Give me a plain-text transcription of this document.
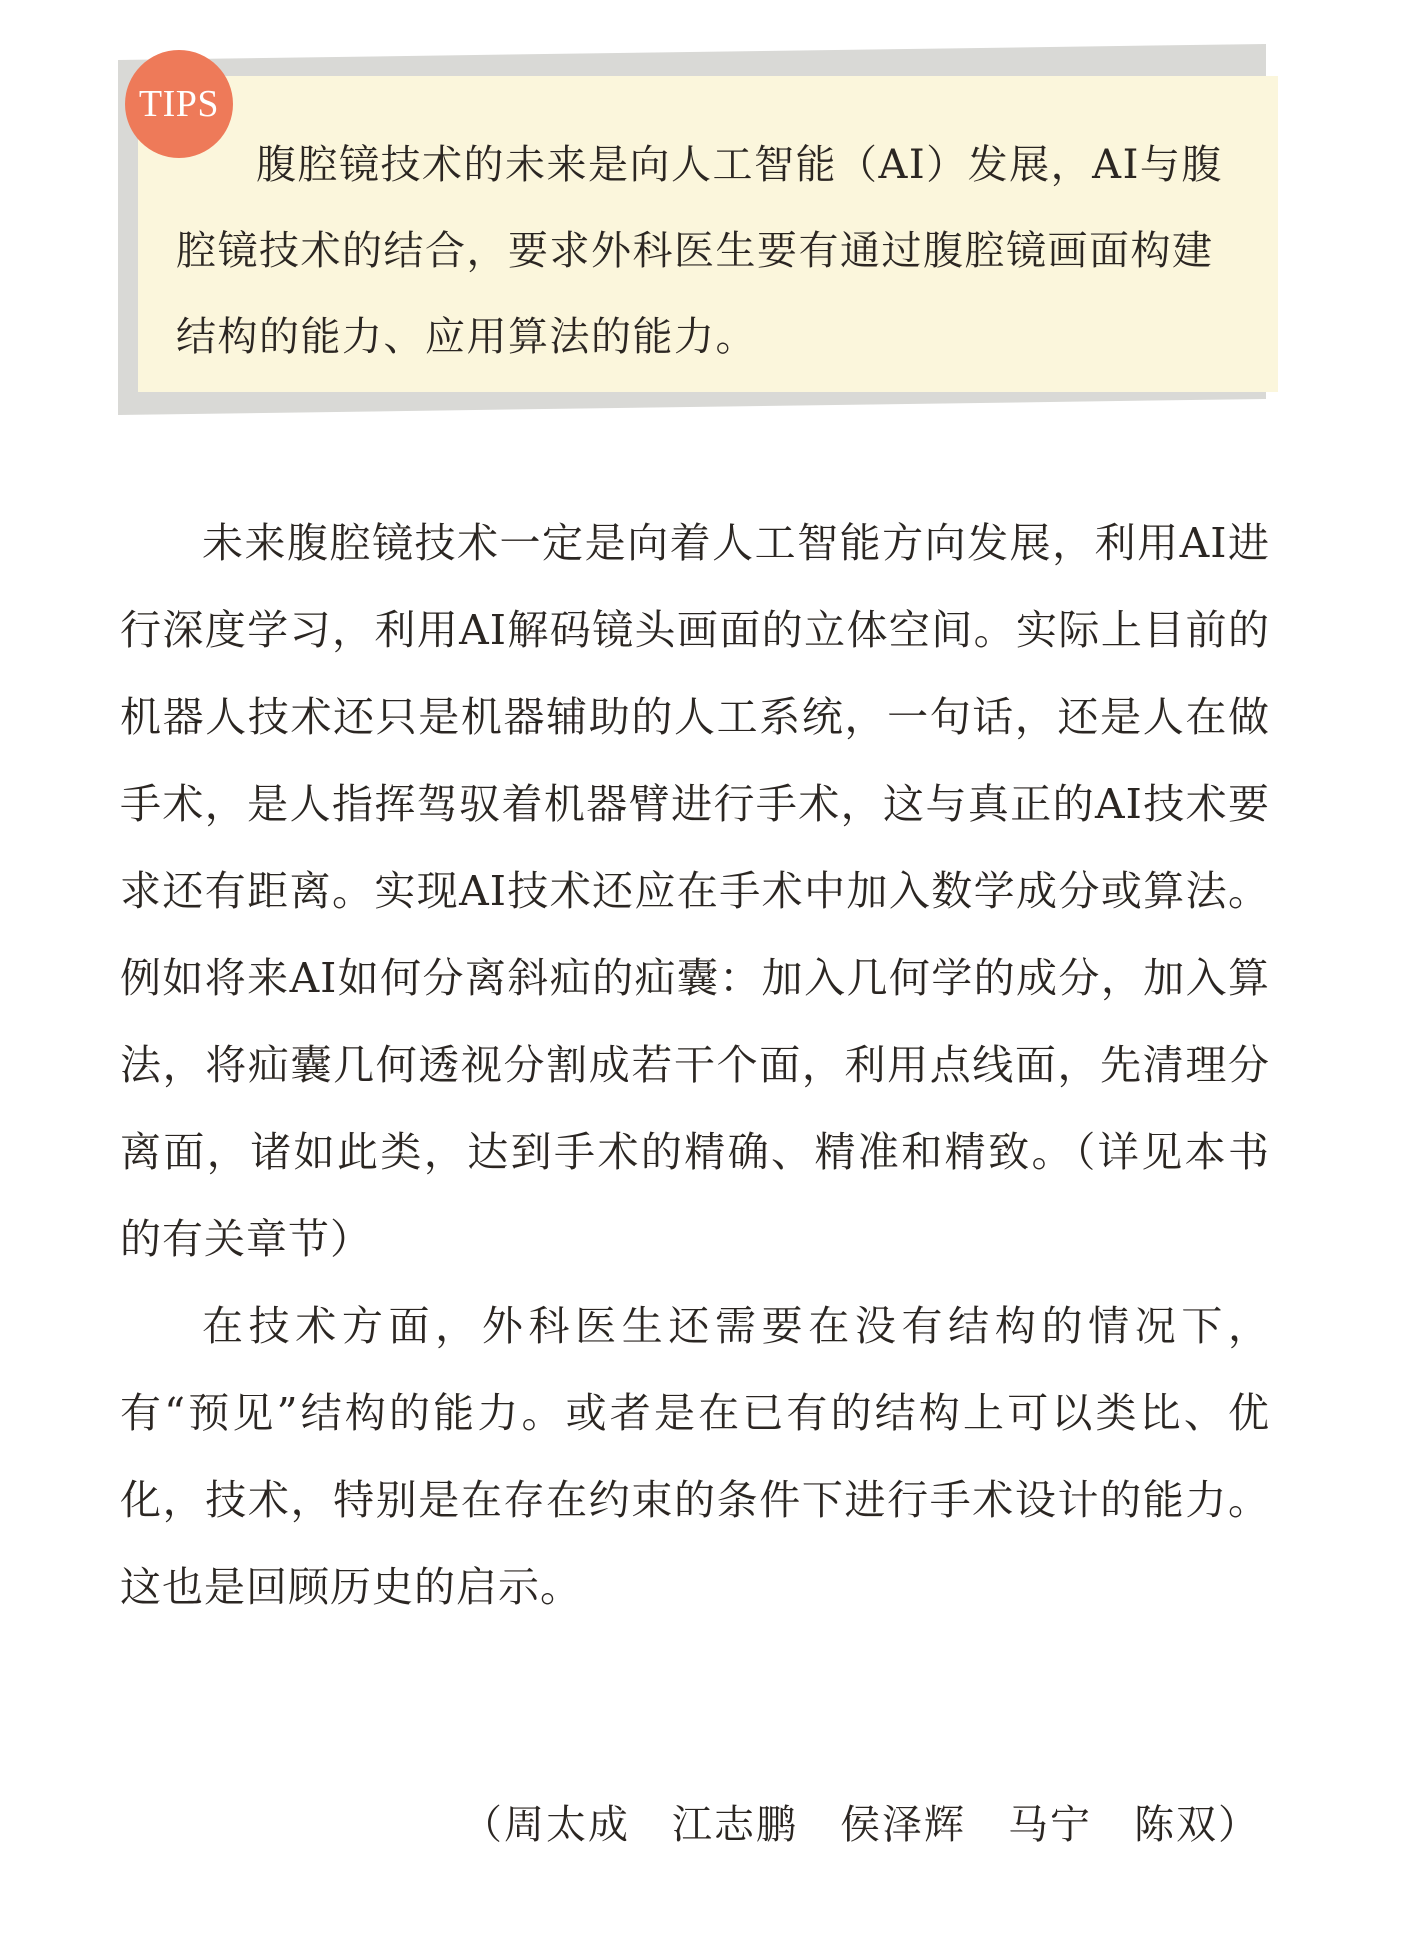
腹腔镜技术的未来是向人工智能（AI）发展，AI与腹腔镜技术的结合，要求外科医生要有通过腹腔镜画面构建结构的能力、应用算法的能力。

TIPS

未来腹腔镜技术一定是向着人工智能方向发展，利用AI进行深度学习，利用AI解码镜头画面的立体空间。实际上目前的机器人技术还只是机器辅助的人工系统，一句话，还是人在做手术，是人指挥驾驭着机器臂进行手术，这与真正的AI技术要求还有距离。实现AI技术还应在手术中加入数学成分或算法。例如将来AI如何分离斜疝的疝囊：加入几何学的成分，加入算法，将疝囊几何透视分割成若干个面，利用点线面，先清理分离面，诸如此类，达到手术的精确、精准和精致。（详见本书的有关章节）

在技术方面，外科医生还需要在没有结构的情况下，有“预见”结构的能力。或者是在已有的结构上可以类比、优化，技术，特别是在存在约束的条件下进行手术设计的能力。这也是回顾历史的启示。

（周太成　江志鹏　侯泽辉　马宁　陈双）
